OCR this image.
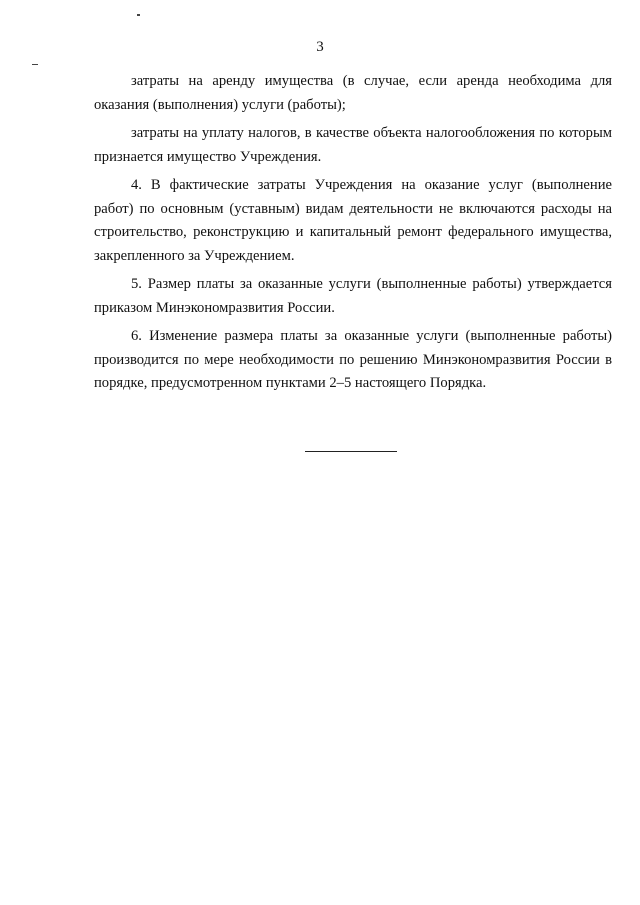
3

затраты на аренду имущества (в случае, если аренда необходима для оказания (выполнения) услуги (работы);

затраты на уплату налогов, в качестве объекта налогообложения по которым признается имущество Учреждения.

4. В фактические затраты Учреждения на оказание услуг (выполнение работ) по основным (уставным) видам деятельности не включаются расходы на строительство, реконструкцию и капитальный ремонт федерального имущества, закрепленного за Учреждением.

5. Размер платы за оказанные услуги (выполненные работы) утверждается приказом Минэкономразвития России.

6. Изменение размера платы за оказанные услуги (выполненные работы) производится по мере необходимости по решению Минэкономразвития России в порядке, предусмотренном пунктами 2–5 настоящего Порядка.
